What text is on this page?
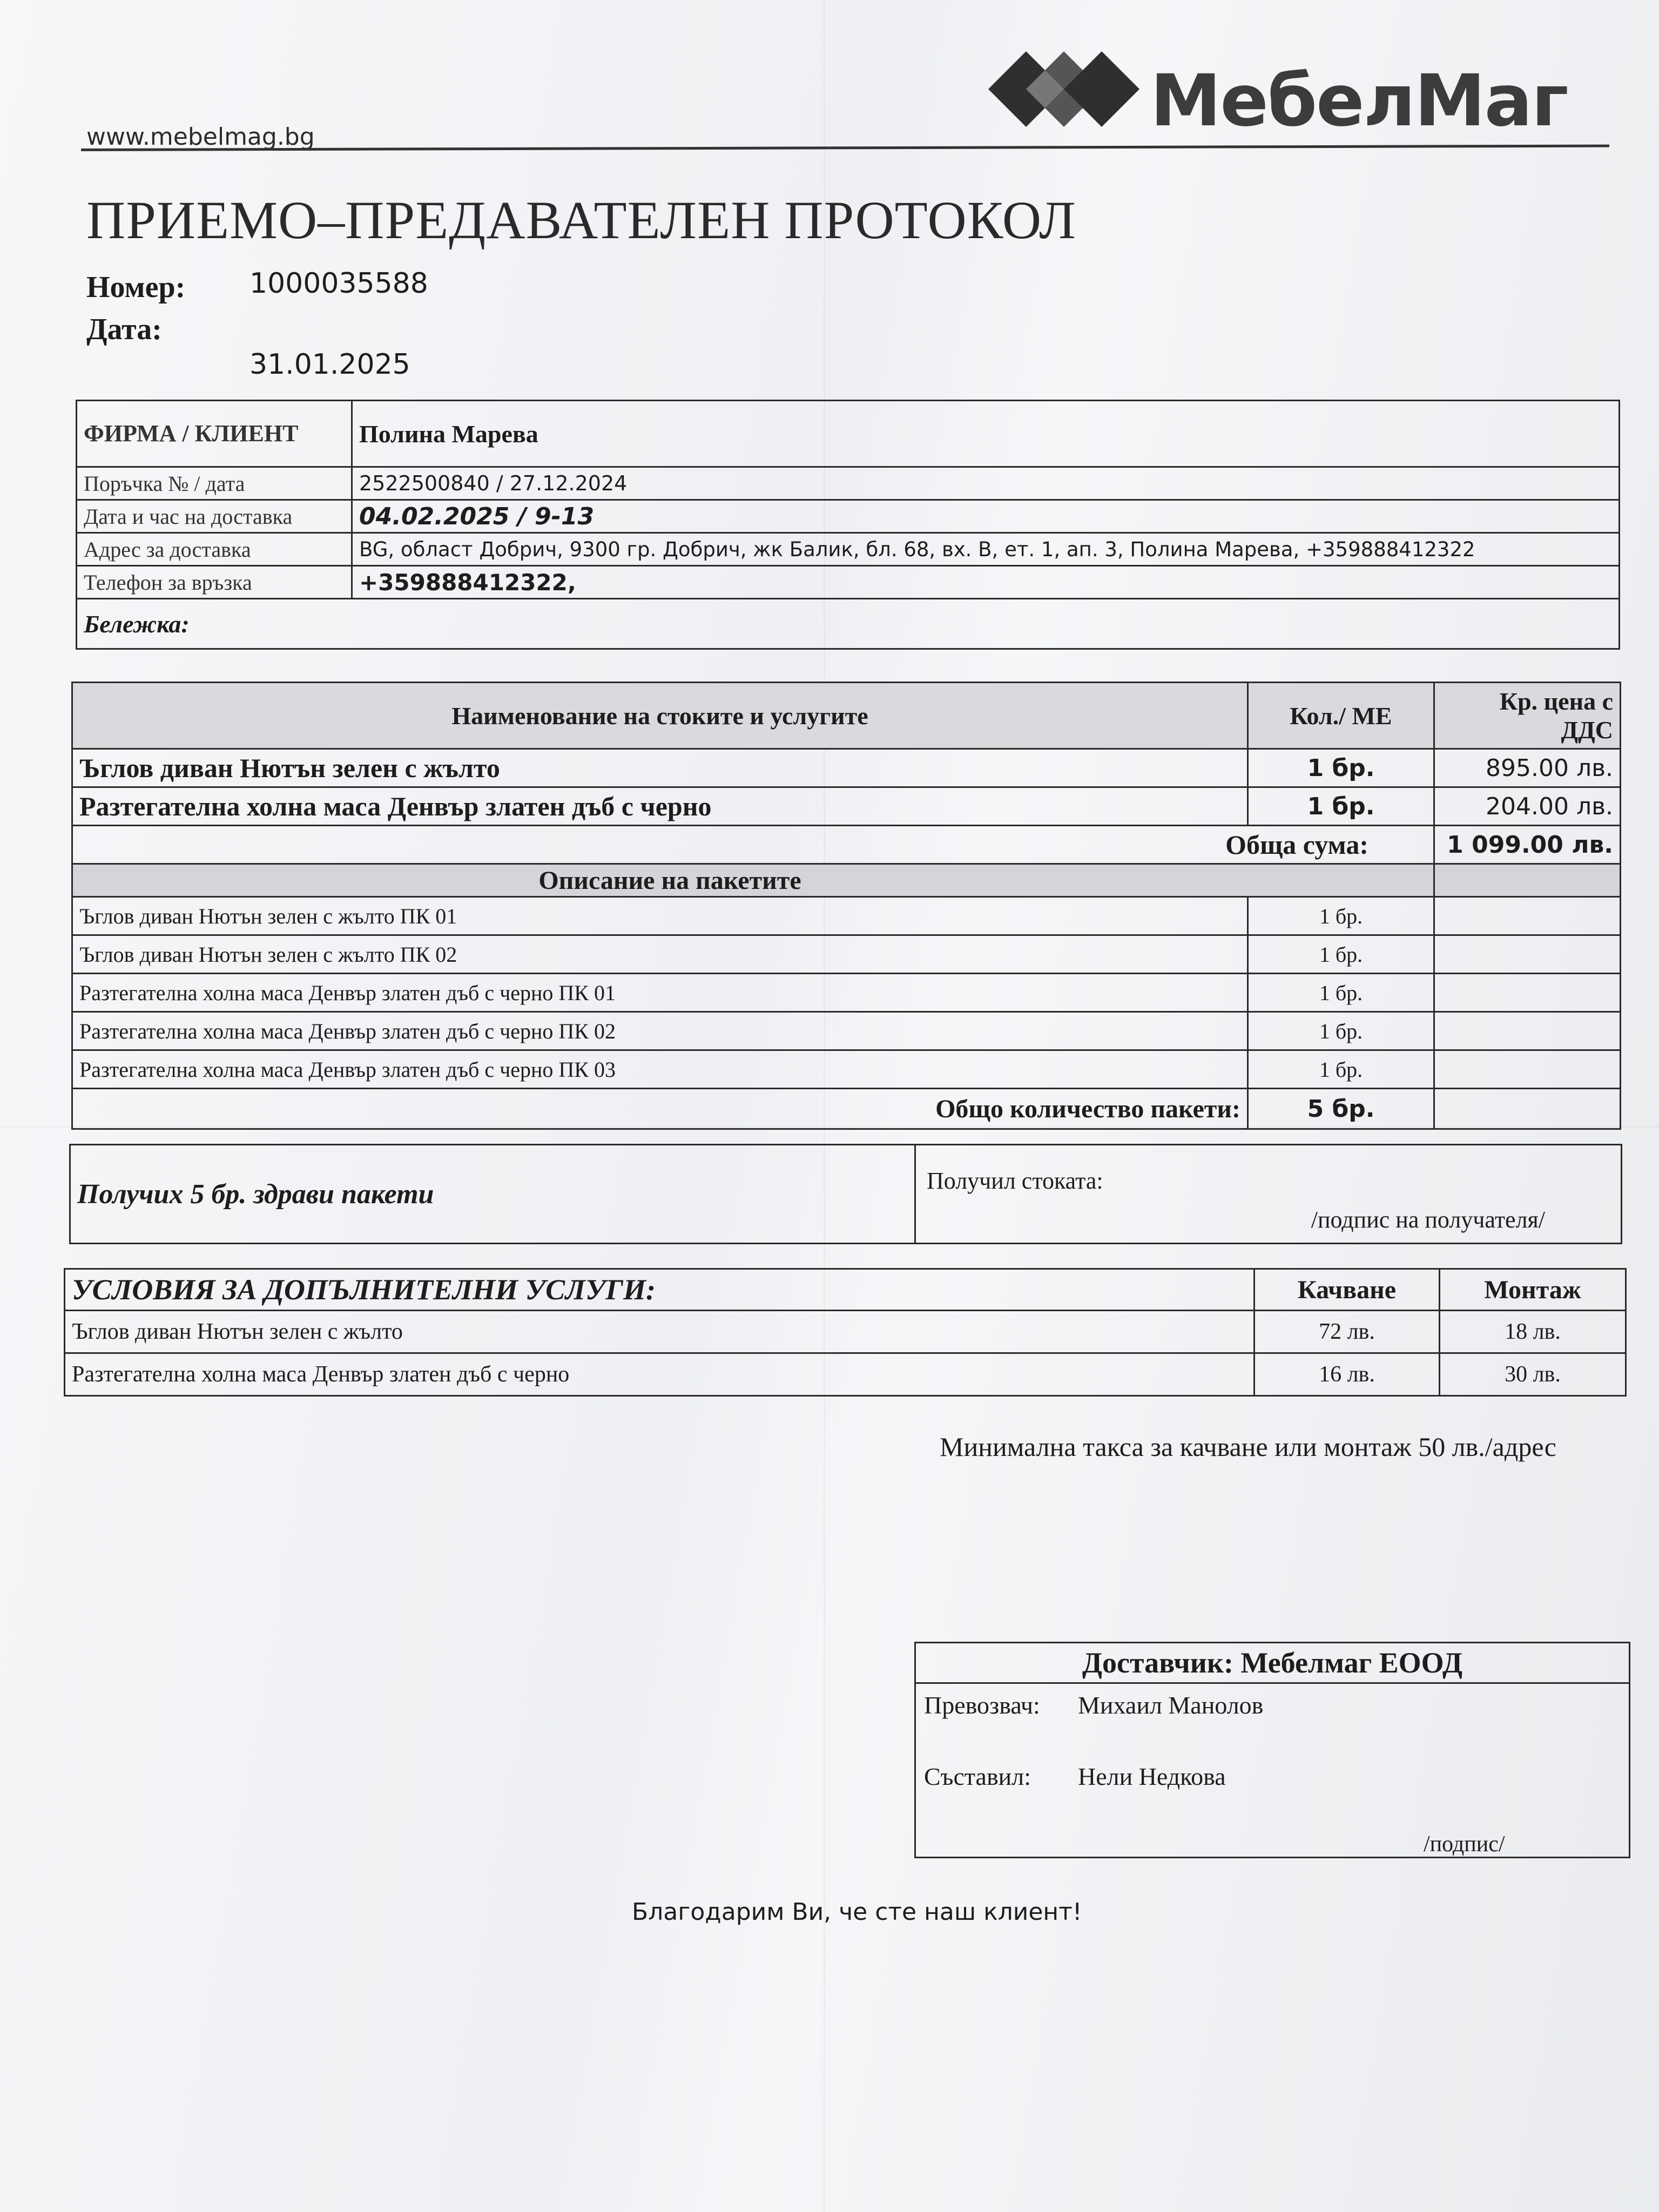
www.mebelmag.bg	МебелМаг
ПРИЕМО–ПРЕДАВАТЕЛЕН ПРОТОКОЛ
Номер: 1000035588
Дата:
31.01.2025
ФИРМА / КЛИЕНТ	Полина Марева
Поръчка № / дата	2522500840 / 27.12.2024
Дата и час на доставка	04.02.2025 / 9-13
Адрес за доставка	BG, област Добрич, 9300 гр. Добрич, жк Балик, бл. 68, вх. В, ет. 1, ап. 3, Полина Марева, +359888412322
Телефон за връзка	+359888412322,
Бележка:	
Наименование на стоките и услугите	Кол./ МЕ	Кр. цена с ДДС
Ъглов диван Нютън зелен с жълто	1 бр.	895.00 лв.
Разтегателна холна маса Денвър златен дъб с черно	1 бр.	204.00 лв.
Обща сума:		1 099.00 лв.
Описание на пакетите		
Ъглов диван Нютън зелен с жълто ПК 01	1 бр.	
Ъглов диван Нютън зелен с жълто ПК 02	1 бр.	
Разтегателна холна маса Денвър златен дъб с черно ПК 01	1 бр.	
Разтегателна холна маса Денвър златен дъб с черно ПК 02	1 бр.	
Разтегателна холна маса Денвър златен дъб с черно ПК 03	1 бр.	
Общо количество пакети:	5 бр.	
Получих 5 бр. здрави пакети	Получил стоката:
/подпис на получателя/
УСЛОВИЯ ЗА ДОПЪЛНИТЕЛНИ УСЛУГИ:	Качване	Монтаж
Ъглов диван Нютън зелен с жълто	72 лв.	18 лв.
Разтегателна холна маса Денвър златен дъб с черно	16 лв.	30 лв.
Минимална такса за качване или монтаж 50 лв./адрес
Доставчик: Мебелмаг ЕООД
Превозвач: Михаил Манолов
Съставил: Нели Недкова
/подпис/
Благодарим Ви, че сте наш клиент!
